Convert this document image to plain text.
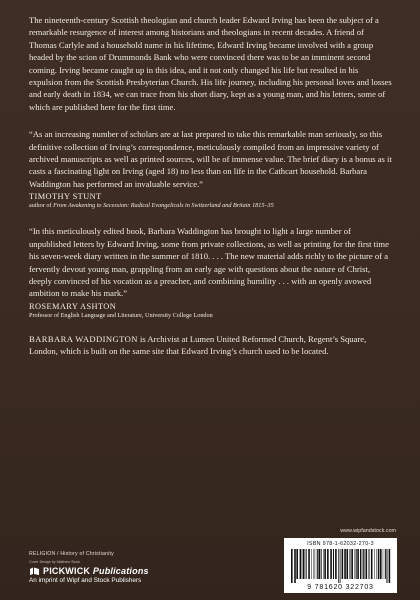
The nineteenth-century Scottish theologian and church leader Edward Irving has been the subject of a remarkable resurgence of interest among historians and theologians in recent decades. A friend of Thomas Carlyle and a household name in his lifetime, Edward Irving became involved with a group headed by the scion of Drummonds Bank who were convinced there was to be an imminent second coming. Irving became caught up in this idea, and it not only changed his life but resulted in his expulsion from the Scottish Presbyterian Church. His life journey, including his personal loves and losses and early death in 1834, we can trace from his short diary, kept as a young man, and his letters, some of which are published here for the first time.

“As an increasing number of scholars are at last prepared to take this remarkable man seriously, so this definitive collection of Irving’s correspondence, meticulously compiled from an impressive variety of archived manuscripts as well as printed sources, will be of immense value. The brief diary is a bonus as it casts a fascinating light on Irving (aged 18) no less than on life in the Cathcart household. Barbara Waddington has performed an invaluable service.”

TIMOTHY STUNT

author of From Awakening to Secession: Radical Evangelicals in Switzerland and Britain 1815–35

“In this meticulously edited book, Barbara Waddington has brought to light a large number of unpublished letters by Edward Irving, some from private collections, as well as printing for the first time his seven-week diary written in the summer of 1810. . . . The new material adds richly to the picture of a fervently devout young man, grappling from an early age with questions about the nature of Christ, deeply convinced of his vocation as a preacher, and combining humility . . . with an openly avowed ambition to make his mark.”

ROSEMARY ASHTON

Professor of English Language and Literature, University College London

BARBARA WADDINGTON is Archivist at Lumen United Reformed Church, Regent’s Square, London, which is built on the same site that Edward Irving’s church used to be located.

www.wipfandstock.com
ISBN 978-1-62032-270-3
9 781620 322703
RELIGION / History of Christianity
Cover Design by Matthew Stock
PICKWICK Publications
An imprint of Wipf and Stock Publishers
